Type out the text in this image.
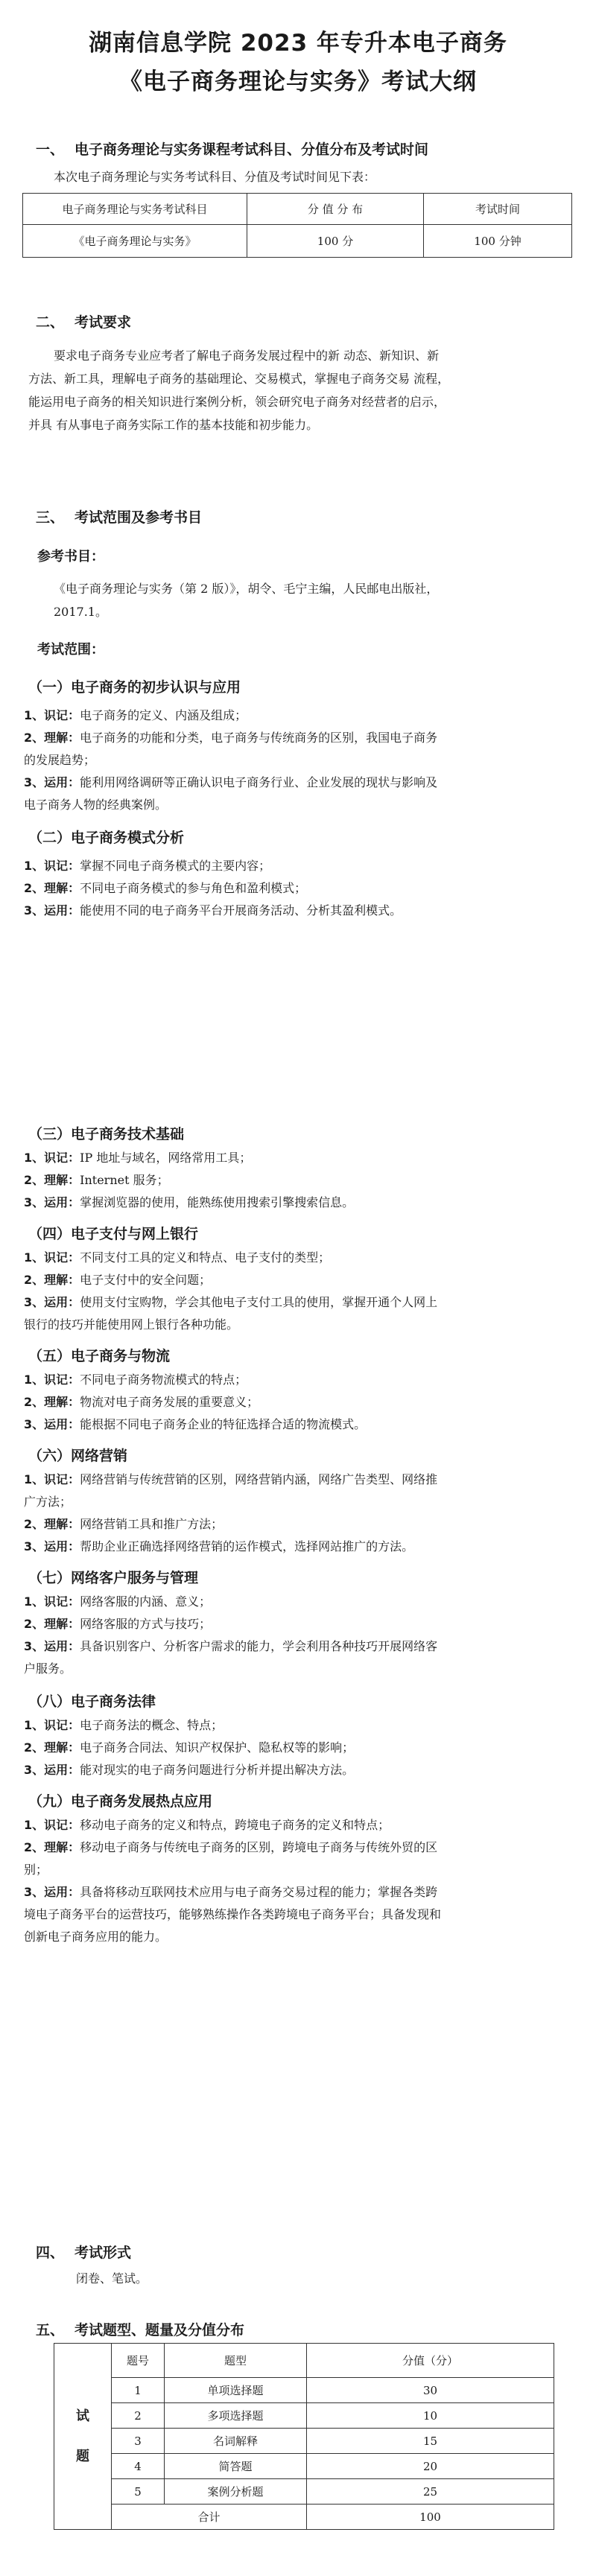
湖南信息学院 2023 年专升本电子商务
《电子商务理论与实务》考试大纲
一、 电子商务理论与实务课程考试科目、分值分布及考试时间
本次电子商务理论与实务考试科目、分值及考试时间见下表：
电子商务理论与实务考试科目	分 值 分 布	考试时间
《电子商务理论与实务》	100 分	100 分钟
二、 考试要求
要求电子商务专业应考者了解电子商务发展过程中的新 动态、新知识、新
方法、新工具，理解电子商务的基础理论、交易模式，掌握电子商务交易 流程，
能运用电子商务的相关知识进行案例分析，领会研究电子商务对经营者的启示，
并具 有从事电子商务实际工作的基本技能和初步能力。
三、 考试范围及参考书目
参考书目：
《电子商务理论与实务（第 2 版）》，胡令、毛宁主编，人民邮电出版社，
2017.1。
考试范围：
（一）电子商务的初步认识与应用
1、识记：电子商务的定义、内涵及组成；
2、理解：电子商务的功能和分类，电子商务与传统商务的区别，我国电子商务
的发展趋势；
3、运用：能利用网络调研等正确认识电子商务行业、企业发展的现状与影响及
电子商务人物的经典案例。
（二）电子商务模式分析
1、识记：掌握不同电子商务模式的主要内容；
2、理解：不同电子商务模式的参与角色和盈利模式；
3、运用：能使用不同的电子商务平台开展商务活动、分析其盈利模式。
（三）电子商务技术基础
1、识记：IP 地址与域名，网络常用工具；
2、理解：Internet 服务；
3、运用：掌握浏览器的使用，能熟练使用搜索引擎搜索信息。
（四）电子支付与网上银行
1、识记：不同支付工具的定义和特点、电子支付的类型；
2、理解：电子支付中的安全问题；
3、运用：使用支付宝购物，学会其他电子支付工具的使用，掌握开通个人网上
银行的技巧并能使用网上银行各种功能。
（五）电子商务与物流
1、识记：不同电子商务物流模式的特点；
2、理解：物流对电子商务发展的重要意义；
3、运用：能根据不同电子商务企业的特征选择合适的物流模式。
（六）网络营销
1、识记：网络营销与传统营销的区别，网络营销内涵，网络广告类型、网络推
广方法；
2、理解：网络营销工具和推广方法；
3、运用：帮助企业正确选择网络营销的运作模式，选择网站推广的方法。
（七）网络客户服务与管理
1、识记：网络客服的内涵、意义；
2、理解：网络客服的方式与技巧；
3、运用：具备识别客户、分析客户需求的能力，学会利用各种技巧开展网络客
户服务。
（八）电子商务法律
1、识记：电子商务法的概念、特点；
2、理解：电子商务合同法、知识产权保护、隐私权等的影响；
3、运用：能对现实的电子商务问题进行分析并提出解决方法。
（九）电子商务发展热点应用
1、识记：移动电子商务的定义和特点，跨境电子商务的定义和特点；
2、理解：移动电子商务与传统电子商务的区别，跨境电子商务与传统外贸的区
别；
3、运用：具备将移动互联网技术应用与电子商务交易过程的能力；掌握各类跨
境电子商务平台的运营技巧，能够熟练操作各类跨境电子商务平台；具备发现和
创新电子商务应用的能力。
四、 考试形式
闭卷、笔试。
五、 考试题型、题量及分值分布
试
题	题号	题型	分值（分）
	1	单项选择题	30
	2	多项选择题	10
	3	名词解释	15
	4	简答题	20
	5	案例分析题	25
	合计		100
